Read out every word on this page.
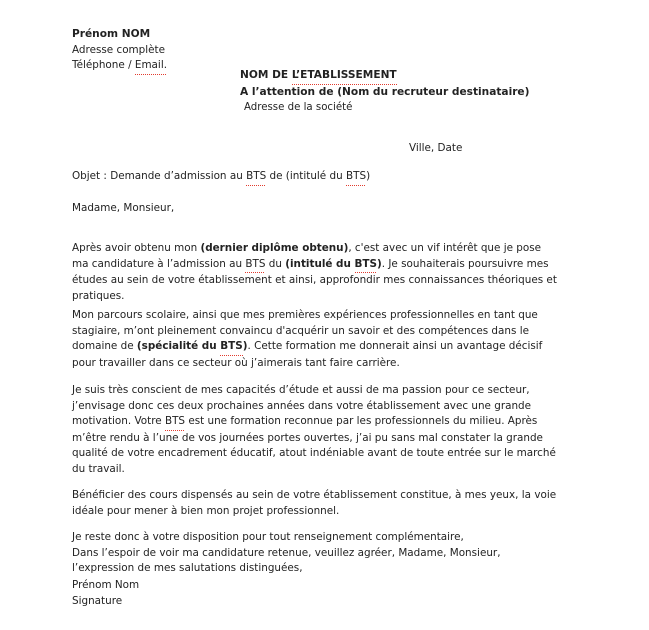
Prénom NOM
Adresse complète
Téléphone / Email.
NOM DE L’ETABLISSEMENT
A l’attention de (Nom du recruteur destinataire)
Adresse de la société
Ville, Date
Objet : Demande d’admission au BTS de (intitulé du BTS)
Madame, Monsieur,
Après avoir obtenu mon (dernier diplôme obtenu), c'est avec un vif intérêt que je pose ma candidature à l’admission au BTS du (intitulé du BTS). Je souhaiterais poursuivre mes études au sein de votre établissement et ainsi, approfondir mes connaissances théoriques et pratiques.
Mon parcours scolaire, ainsi que mes premières expériences professionnelles en tant que stagiaire, m’ont pleinement convaincu d'acquérir un savoir et des compétences dans le domaine de (spécialité du BTS). Cette formation me donnerait ainsi un avantage décisif pour travailler dans ce secteur où j’aimerais tant faire carrière.
Je suis très conscient de mes capacités d’étude et aussi de ma passion pour ce secteur, j’envisage donc ces deux prochaines années dans votre établissement avec une grande motivation. Votre BTS est une formation reconnue par les professionnels du milieu. Après m’être rendu à l’une de vos journées portes ouvertes, j’ai pu sans mal constater la grande qualité de votre encadrement éducatif, atout indéniable avant de toute entrée sur le marché du travail.
Bénéficier des cours dispensés au sein de votre établissement constitue, à mes yeux, la voie idéale pour mener à bien mon projet professionnel.
Je reste donc à votre disposition pour tout renseignement complémentaire,
Dans l’espoir de voir ma candidature retenue, veuillez agréer, Madame, Monsieur, l’expression de mes salutations distinguées,
Prénom Nom
Signature
